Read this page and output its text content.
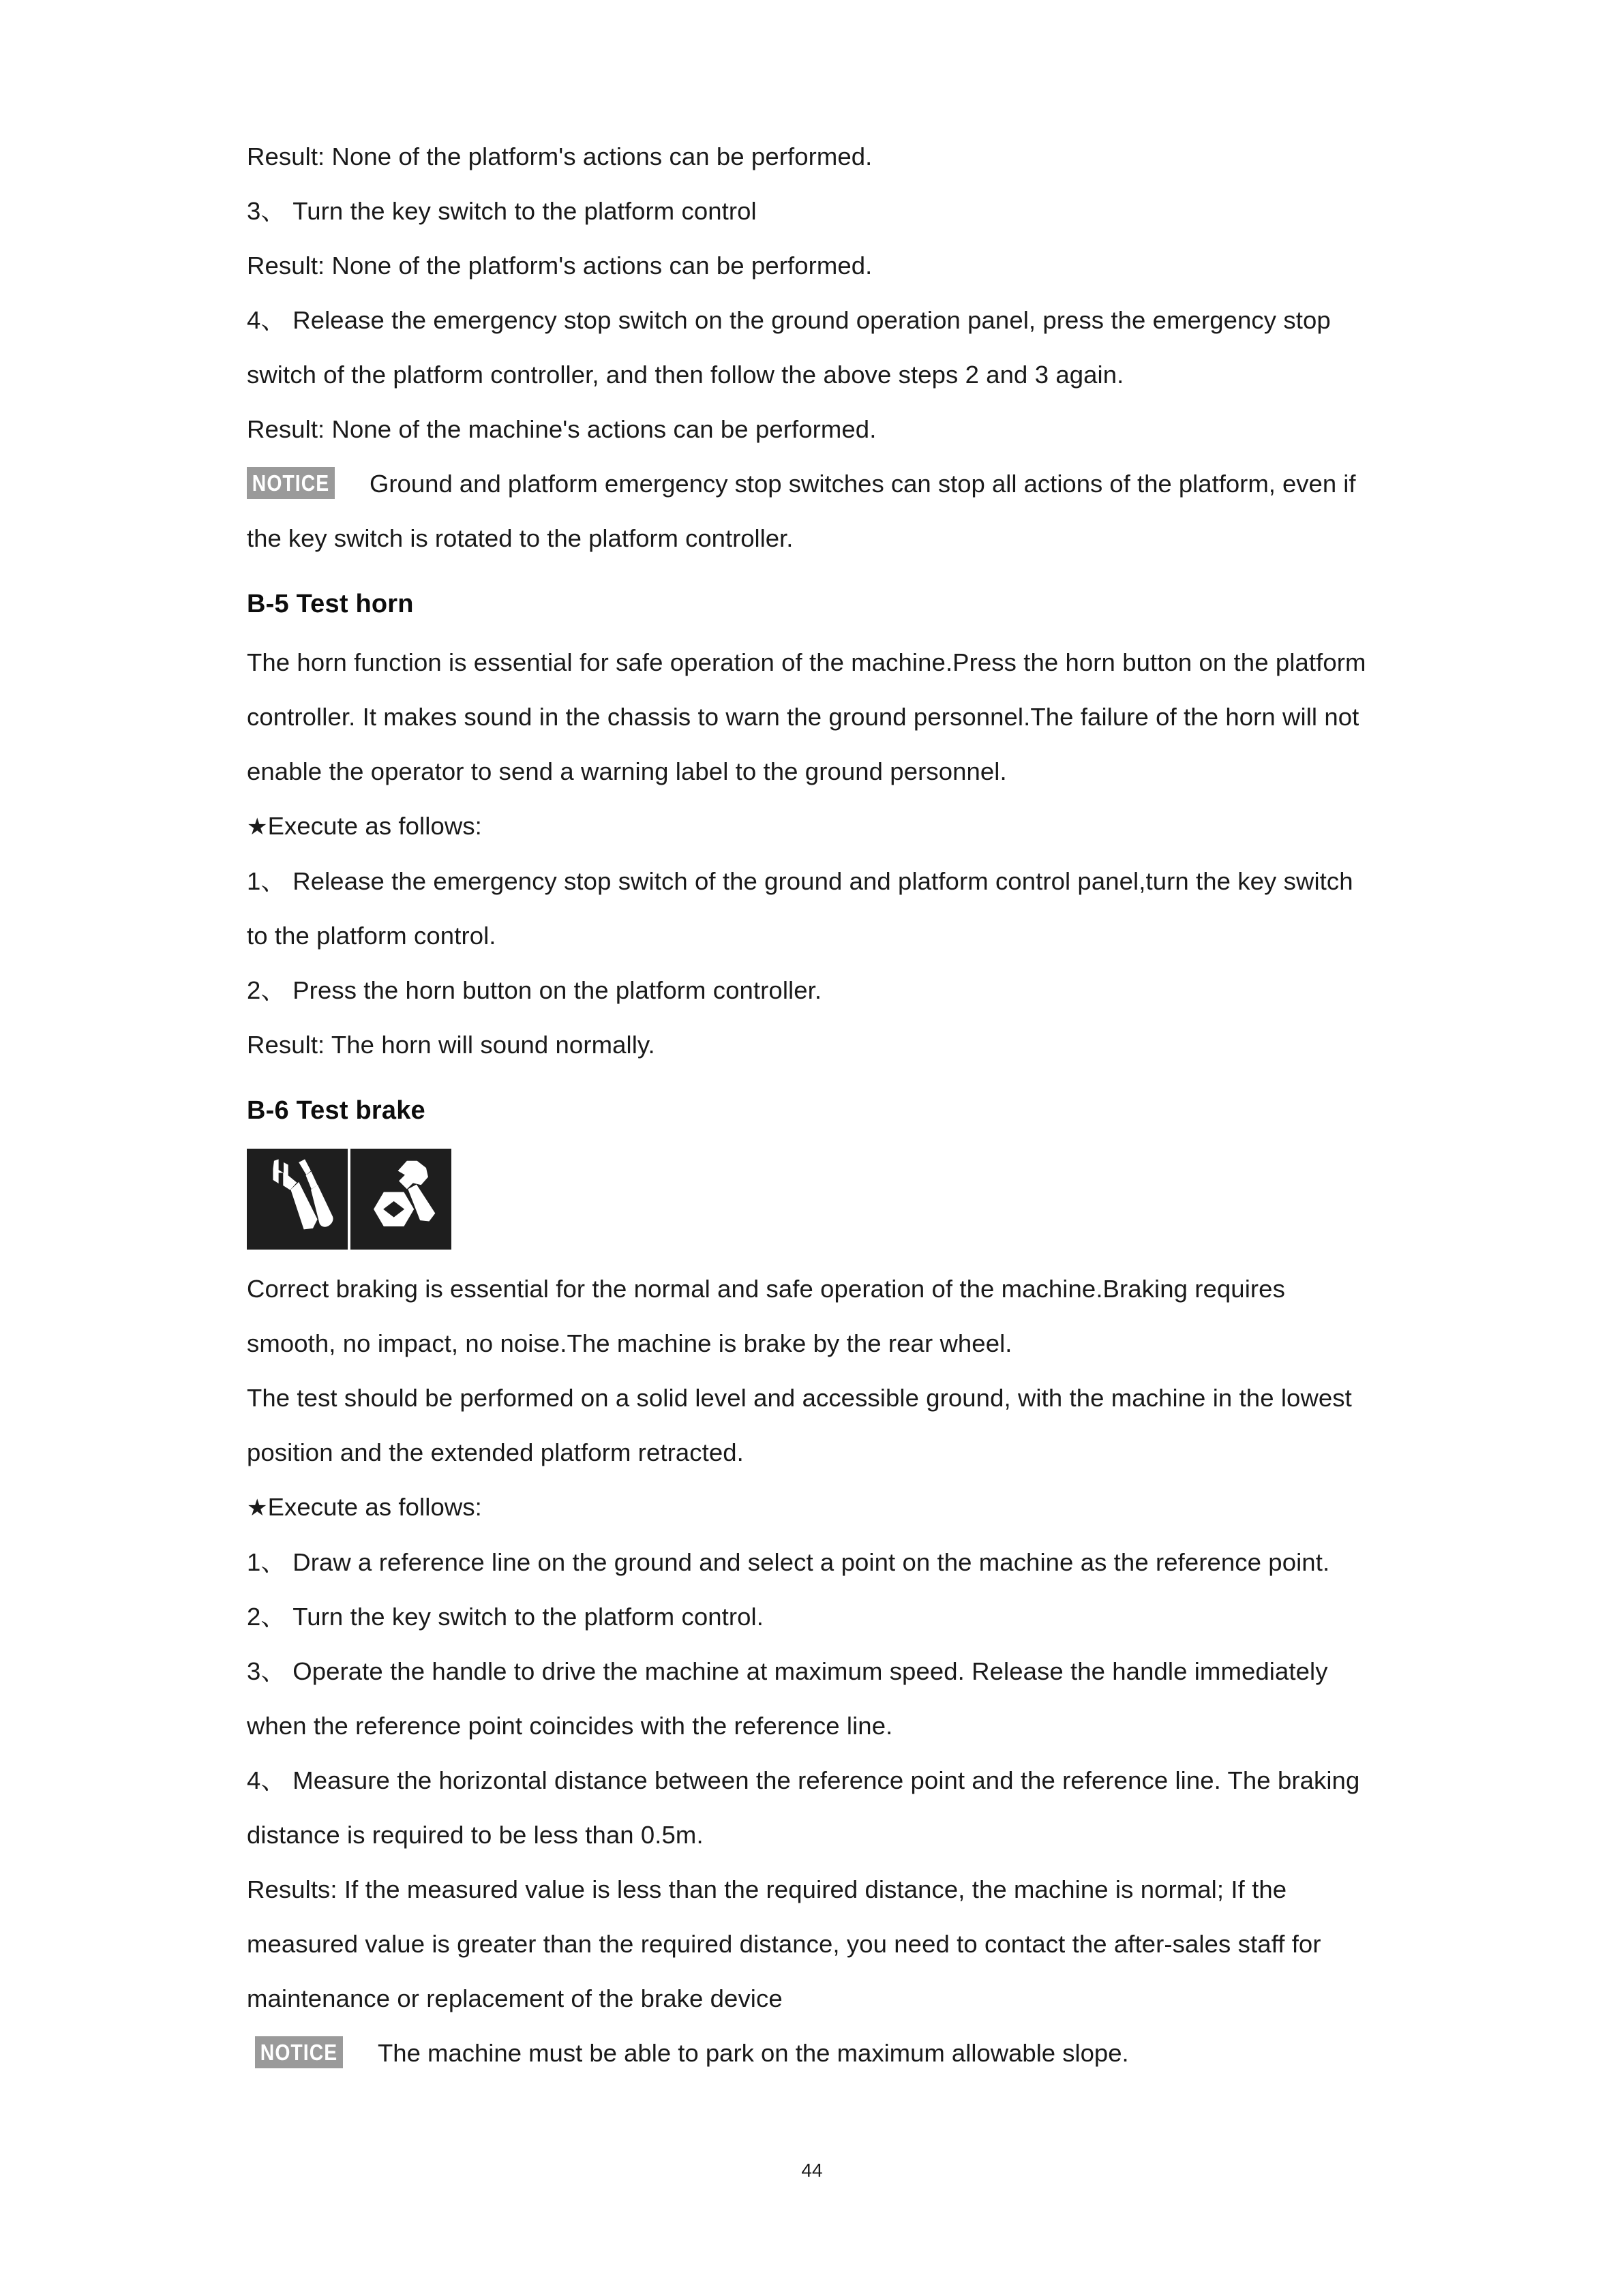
Result: None of the platform's actions can be performed.

3、 Turn the key switch to the platform control

Result: None of the platform's actions can be performed.

4、 Release the emergency stop switch on the ground operation panel, press the emergency stop switch of the platform controller, and then follow the above steps 2 and 3 again.

Result: None of the machine's actions can be performed.

NOTICE Ground and platform emergency stop switches can stop all actions of the platform, even if the key switch is rotated to the platform controller.

B-5 Test horn

The horn function is essential for safe operation of the machine.Press the horn button on the platform controller. It makes sound in the chassis to warn the ground personnel.The failure of the horn will not enable the operator to send a warning label to the ground personnel.

★Execute as follows:

1、 Release the emergency stop switch of the ground and platform control panel,turn the key switch to the platform control.

2、 Press the horn button on the platform controller.

Result: The horn will sound normally.

B-6 Test brake

Correct braking is essential for the normal and safe operation of the machine.Braking requires smooth, no impact, no noise.The machine is brake by the rear wheel.

The test should be performed on a solid level and accessible ground, with the machine in the lowest position and the extended platform retracted.

★Execute as follows:

1、 Draw a reference line on the ground and select a point on the machine as the reference point.

2、 Turn the key switch to the platform control.

3、 Operate the handle to drive the machine at maximum speed. Release the handle immediately when the reference point coincides with the reference line.

4、 Measure the horizontal distance between the reference point and the reference line. The braking distance is required to be less than 0.5m.

Results: If the measured value is less than the required distance, the machine is normal; If the measured value is greater than the required distance, you need to contact the after-sales staff for maintenance or replacement of the brake device

NOTICE The machine must be able to park on the maximum allowable slope.

44
